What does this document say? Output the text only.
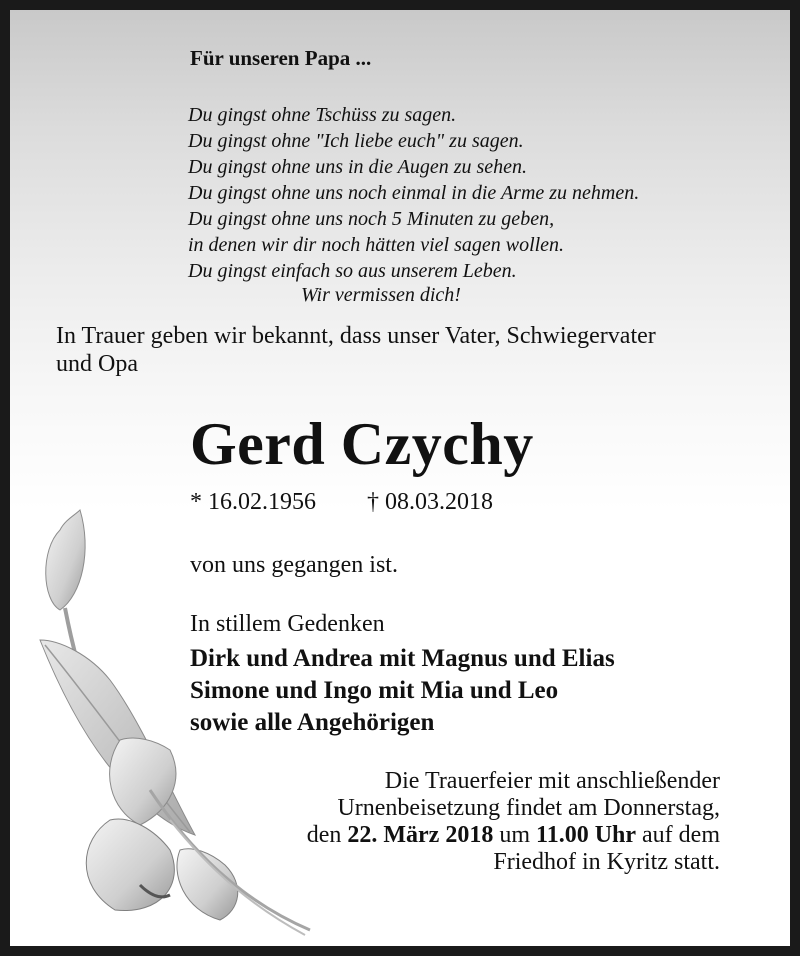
Für unseren Papa ...
Du gingst ohne Tschüss zu sagen.
Du gingst ohne "Ich liebe euch" zu sagen.
Du gingst ohne uns in die Augen zu sehen.
Du gingst ohne uns noch einmal in die Arme zu nehmen.
Du gingst ohne uns noch 5 Minuten zu geben,
in denen wir dir noch hätten viel sagen wollen.
Du gingst einfach so aus unserem Leben.
Wir vermissen dich!
In Trauer geben wir bekannt, dass unser Vater, Schwiegervater
und Opa
Gerd Czychy
* 16.02.1956 † 08.03.2018
von uns gegangen ist.
In stillem Gedenken
Dirk und Andrea mit Magnus und Elias
Simone und Ingo mit Mia und Leo
sowie alle Angehörigen
Die Trauerfeier mit anschließender
Urnenbeisetzung findet am Donnerstag,
den 22. März 2018 um 11.00 Uhr auf dem
Friedhof in Kyritz statt.
